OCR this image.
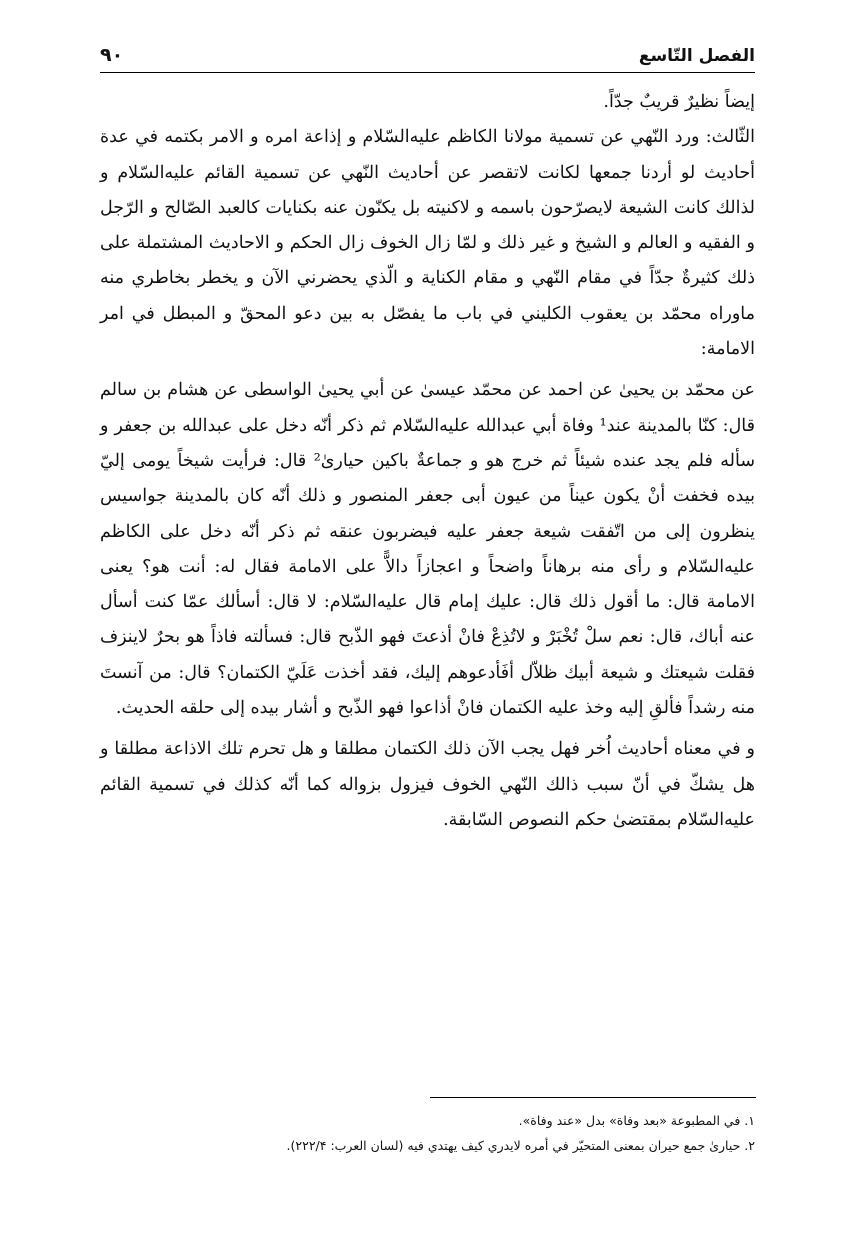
الفصل التّاسع
٩٠

إيضاً نظيرٌ قريبٌ جدّاً.

الثّالث: ورد النّهي عن تسمية مولانا الكاظم عليه‌السّلام و إذاعة امره و الامر بكتمه في عدة أحاديث لو أردنا جمعها لكانت لاتقصر عن أحاديث النّهي عن تسمية القائم عليه‌السّلام و لذالك كانت الشيعة لايصرّحون باسمه و لاكنيته بل يكنّون عنه بكنايات كالعبد الصّالح و الرّجل و الفقيه و العالم و الشيخ و غير ذلك و لمّا زال الخوف زال الحكم و الاحاديث المشتملة على ذلك كثيرةٌ جدّاً في مقام النّهي و مقام الكناية و الّذي يحضرني الآن و يخطر بخاطري منه ماوراه محمّد بن يعقوب الكليني في باب ما يفصّل به بين دعو المحقّ و المبطل في امر الامامة:

عن محمّد بن يحيىٰ عن احمد عن محمّد عيسىٰ عن أبي يحيىٰ الواسطى عن هشام بن سالم قال: كنّا بالمدينة عند¹ وفاة أبي عبدالله عليه‌السّلام ثم ذكر أنّه دخل على عبدالله بن جعفر و سأله فلم يجد عنده شيئاً ثم خرج هو و جماعةٌ باكين حيارىٰ² قال: فرأيت شيخاً يومى إليّ بيده فخفت أنْ يكون عيناً من عيون أبى جعفر المنصور و ذلك أنّه كان بالمدينة جواسيس ينظرون إلى من اتّفقت شيعة جعفر عليه فيضربون عنقه ثم ذكر أنّه دخل على الكاظم عليه‌السّلام و رأى منه برهاناً واضحاً و اعجازاً دالاًّ على الامامة فقال له: أنت هو؟ يعنى الامامة قال: ما أقول ذلك قال: عليك إمام قال عليه‌السّلام: لا قال: أسألك عمّا كنت أسأل عنه أباك، قال: نعم سلْ تُخْبَرْ و لاتُذِعْ فانْ أذعتَ فهو الذّبح قال: فسألته فاذاً هو بحرٌ لاينزف فقلت شيعتك و شيعة أبيك ظلاّل أفَأدعوهم إليك، فقد أخذت عَلَيّ الكتمان؟ قال: من آنستَ منه رشداً فألقِ إليه وخذ عليه الكتمان فانْ أذاعوا فهو الذّبح و أشار بيده إلى حلقه الحديث.

و في معناه أحاديث اُخر فهل يجب الآن ذلك الكتمان مطلقا و هل تحرم تلك الاذاعة مطلقا و هل يشكّ في أنّ سبب ذالك النّهي الخوف فيزول بزواله كما أنّه كذلك في تسمية القائم عليه‌السّلام بمقتضىٰ حكم النصوص السّابقة.

١. في المطبوعة «بعد وفاة» بدل «عند وفاة».
٢. حيارىٰ جمع حيران بمعنى المتحيّر في أمره لايدري كيف يهتدي فيه (لسان العرب: ٢٢٢/۴).
